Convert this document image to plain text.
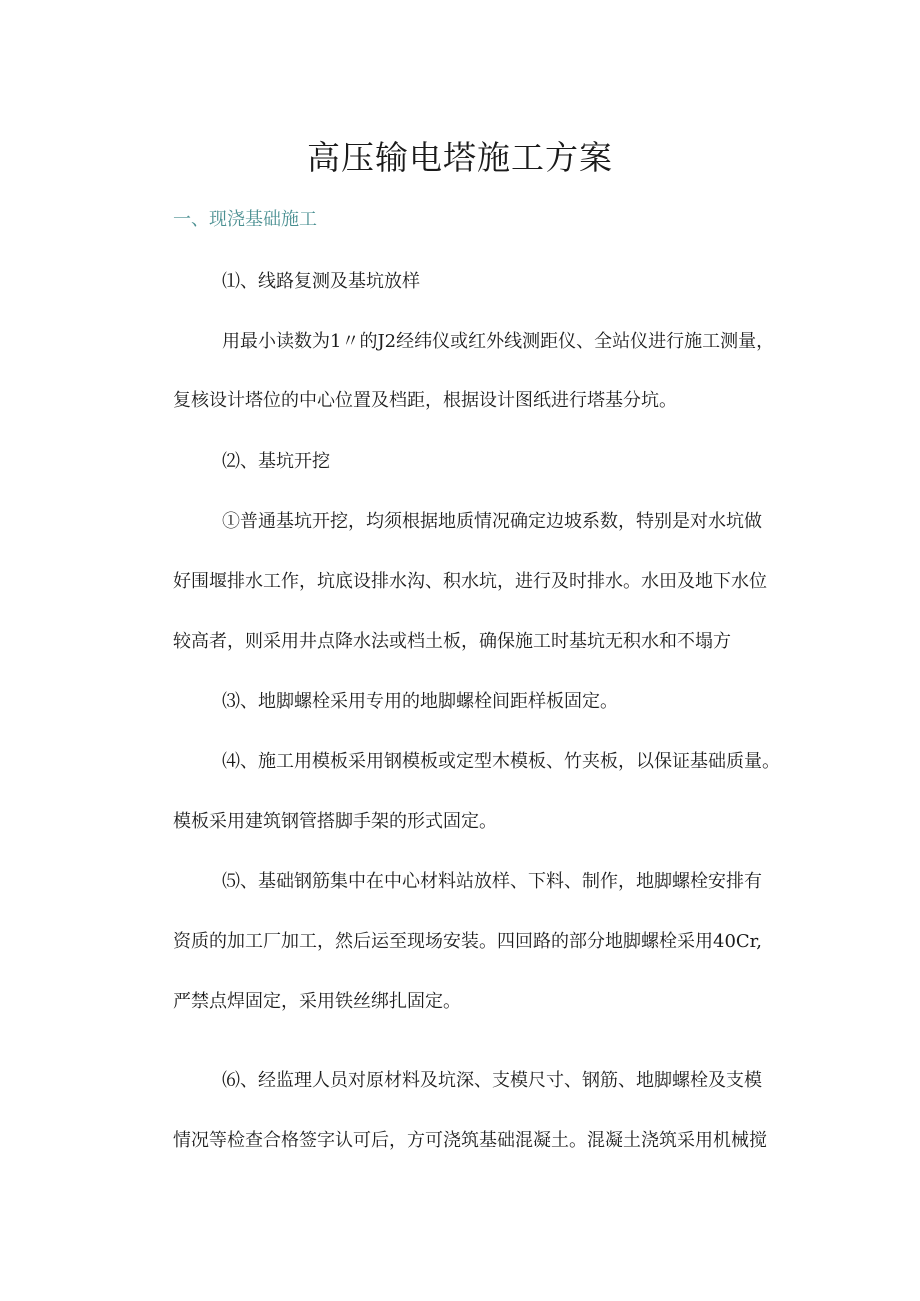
高压输电塔施工方案
一、现浇基础施工
⑴、线路复测及基坑放样
用最小读数为1〃的J2经纬仪或红外线测距仪、全站仪进行施工测量，
复核设计塔位的中心位置及档距，根据设计图纸进行塔基分坑。
⑵、基坑开挖
①普通基坑开挖，均须根据地质情况确定边坡系数，特别是对水坑做
好围堰排水工作，坑底设排水沟、积水坑，进行及时排水。水田及地下水位
较高者，则采用井点降水法或档土板，确保施工时基坑无积水和不塌方
⑶、地脚螺栓采用专用的地脚螺栓间距样板固定。
⑷、施工用模板采用钢模板或定型木模板、竹夹板，以保证基础质量。
模板采用建筑钢管搭脚手架的形式固定。
⑸、基础钢筋集中在中心材料站放样、下料、制作，地脚螺栓安排有
资质的加工厂加工，然后运至现场安装。四回路的部分地脚螺栓采用40Cr,
严禁点焊固定，采用铁丝绑扎固定。
⑹、经监理人员对原材料及坑深、支模尺寸、钢筋、地脚螺栓及支模
情况等检查合格签字认可后，方可浇筑基础混凝土。混凝土浇筑采用机械搅
